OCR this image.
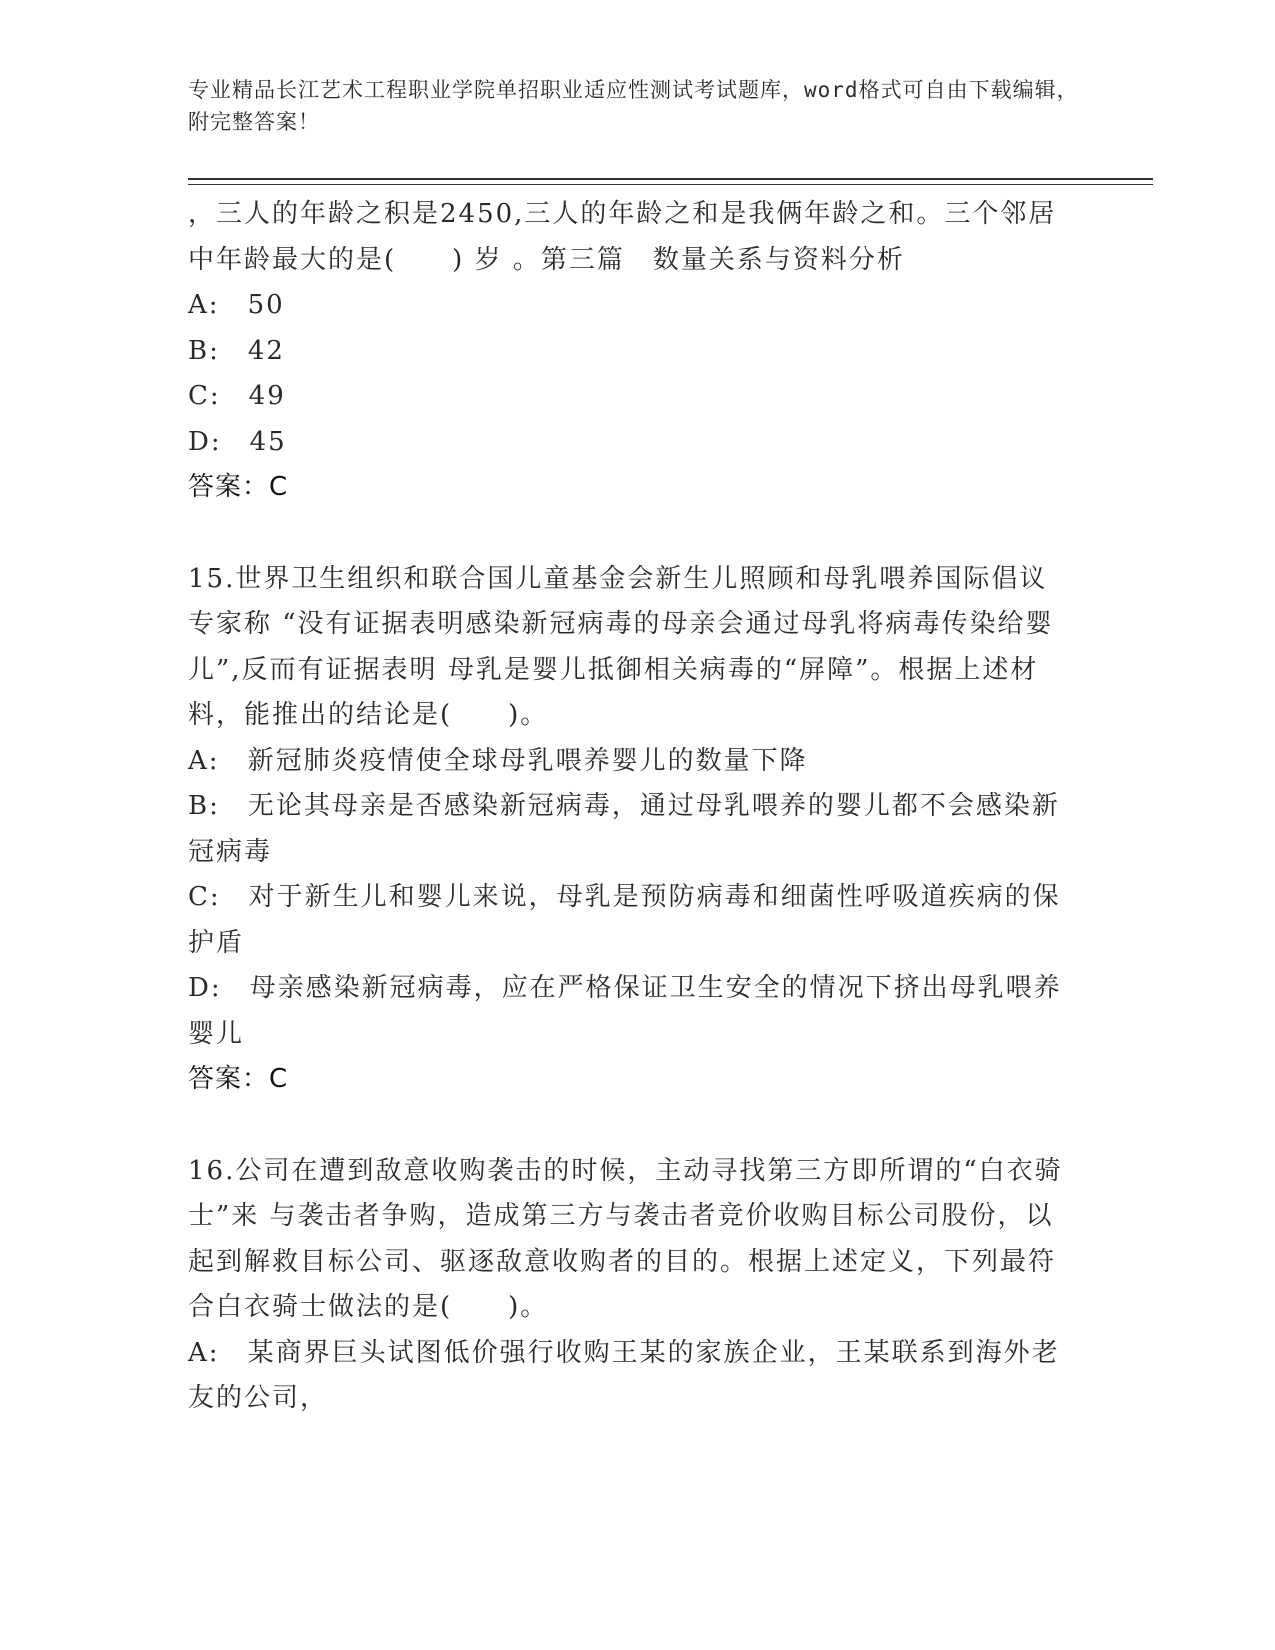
专业精品长江艺术工程职业学院单招职业适应性测试考试题库，word格式可自由下载编辑，附完整答案！

，三人的年龄之积是2450,三人的年龄之和是我俩年龄之和。三个邻居中年龄最大的是(　　) 岁 。第三篇　数量关系与资料分析

A:　 50

B:　 42

C:　 49

D:　 45

答案：C

15.世界卫生组织和联合国儿童基金会新生儿照顾和母乳喂养国际倡议专家称 “没有证据表明感染新冠病毒的母亲会通过母乳将病毒传染给婴儿”,反而有证据表明 母乳是婴儿抵御相关病毒的“屏障”。根据上述材料，能推出的结论是(　　)。

A:　 新冠肺炎疫情使全球母乳喂养婴儿的数量下降

B:　 无论其母亲是否感染新冠病毒，通过母乳喂养的婴儿都不会感染新冠病毒

C:　 对于新生儿和婴儿来说，母乳是预防病毒和细菌性呼吸道疾病的保护盾

D:　 母亲感染新冠病毒，应在严格保证卫生安全的情况下挤出母乳喂养婴儿

答案：C

16.公司在遭到敌意收购袭击的时候，主动寻找第三方即所谓的“白衣骑士”来 与袭击者争购，造成第三方与袭击者竞价收购目标公司股份，以起到解救目标公司、驱逐敌意收购者的目的。根据上述定义，下列最符合白衣骑士做法的是(　　)。

A:　 某商界巨头试图低价强行收购王某的家族企业，王某联系到海外老友的公司，
